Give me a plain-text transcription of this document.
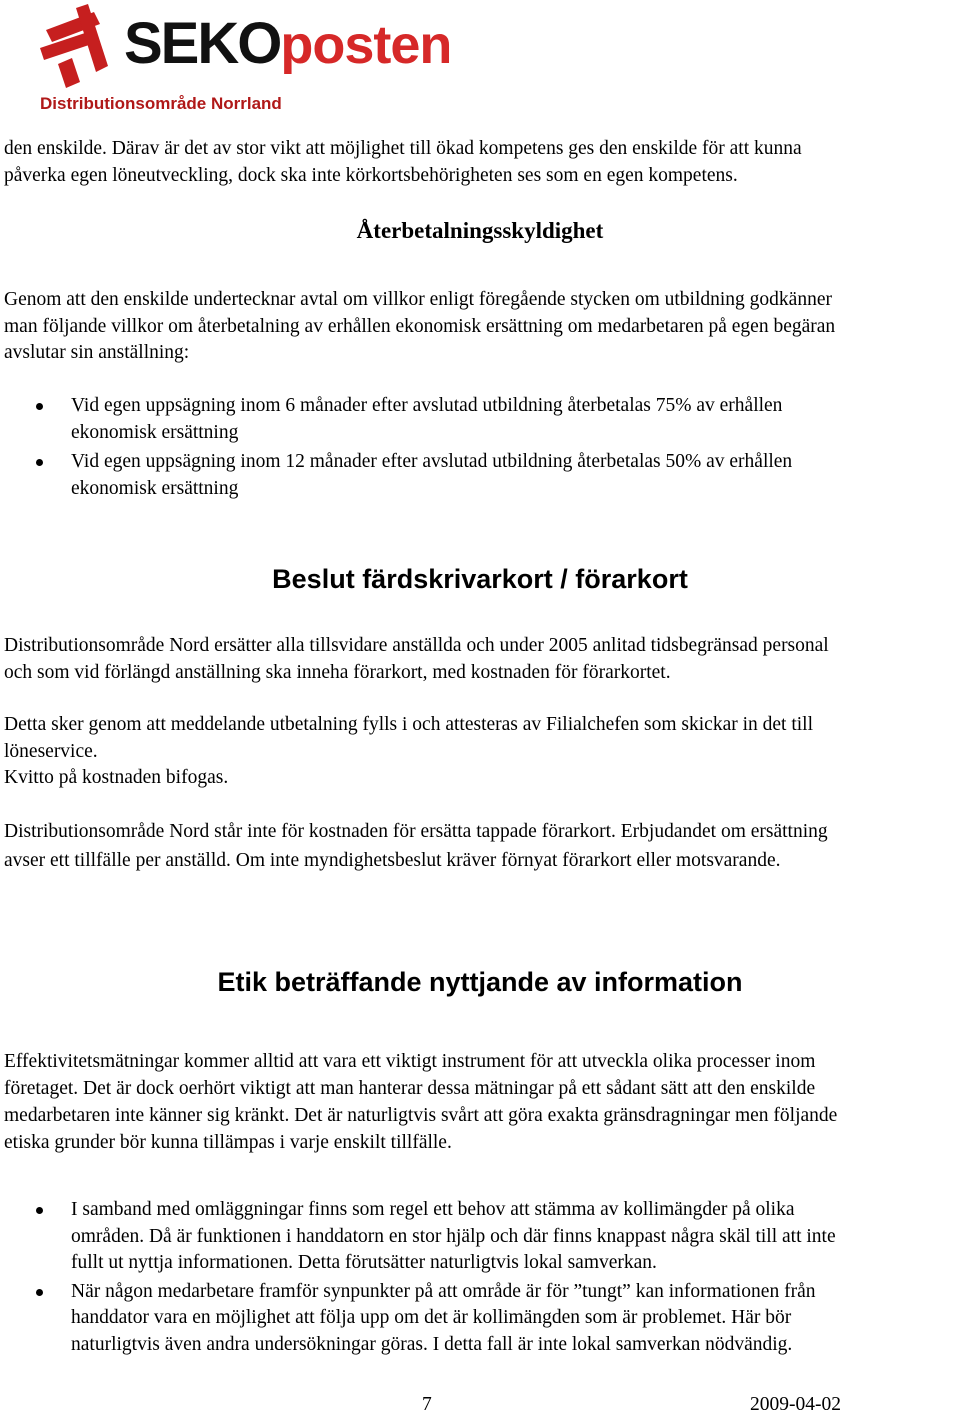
SEKOposten
Distributionsområde Norrland

den enskilde. Därav är det av stor vikt att möjlighet till ökad kompetens ges den enskilde för att kunna
påverka egen löneutveckling, dock ska inte körkortsbehörigheten ses som en egen kompetens.

Återbetalningsskyldighet

Genom att den enskilde undertecknar avtal om villkor enligt föregående stycken om utbildning godkänner
man följande villkor om återbetalning av erhållen ekonomisk ersättning om medarbetaren på egen begäran
avslutar sin anställning:

Vid egen uppsägning inom 6 månader efter avslutad utbildning återbetalas 75% av erhållen
ekonomisk ersättning
Vid egen uppsägning inom 12 månader efter avslutad utbildning återbetalas 50% av erhållen
ekonomisk ersättning
Beslut färdskrivarkort / förarkort

Distributionsområde Nord ersätter alla tillsvidare anställda och under 2005 anlitad tidsbegränsad personal
och som vid förlängd anställning ska inneha förarkort, med kostnaden för förarkortet.

Detta sker genom att meddelande utbetalning fylls i och attesteras av Filialchefen som skickar in det till
löneservice.
Kvitto på kostnaden bifogas.

Distributionsområde Nord står inte för kostnaden för ersätta tappade förarkort. Erbjudandet om ersättning
avser ett tillfälle per anställd. Om inte myndighetsbeslut kräver förnyat förarkort eller motsvarande.

Etik beträffande nyttjande av information

Effektivitetsmätningar kommer alltid att vara ett viktigt instrument för att utveckla olika processer inom
företaget. Det är dock oerhört viktigt att man hanterar dessa mätningar på ett sådant sätt att den enskilde
medarbetaren inte känner sig kränkt. Det är naturligtvis svårt att göra exakta gränsdragningar men följande
etiska grunder bör kunna tillämpas i varje enskilt tillfälle.

I samband med omläggningar finns som regel ett behov att stämma av kollimängder på olika
områden. Då är funktionen i handdatorn en stor hjälp och där finns knappast några skäl till att inte
fullt ut nyttja informationen. Detta förutsätter naturligtvis lokal samverkan.
När någon medarbetare framför synpunkter på att område är för ”tungt” kan informationen från
handdator vara en möjlighet att följa upp om det är kollimängden som är problemet. Här bör
naturligtvis även andra undersökningar göras. I detta fall är inte lokal samverkan nödvändig.
7	2009-04-02
